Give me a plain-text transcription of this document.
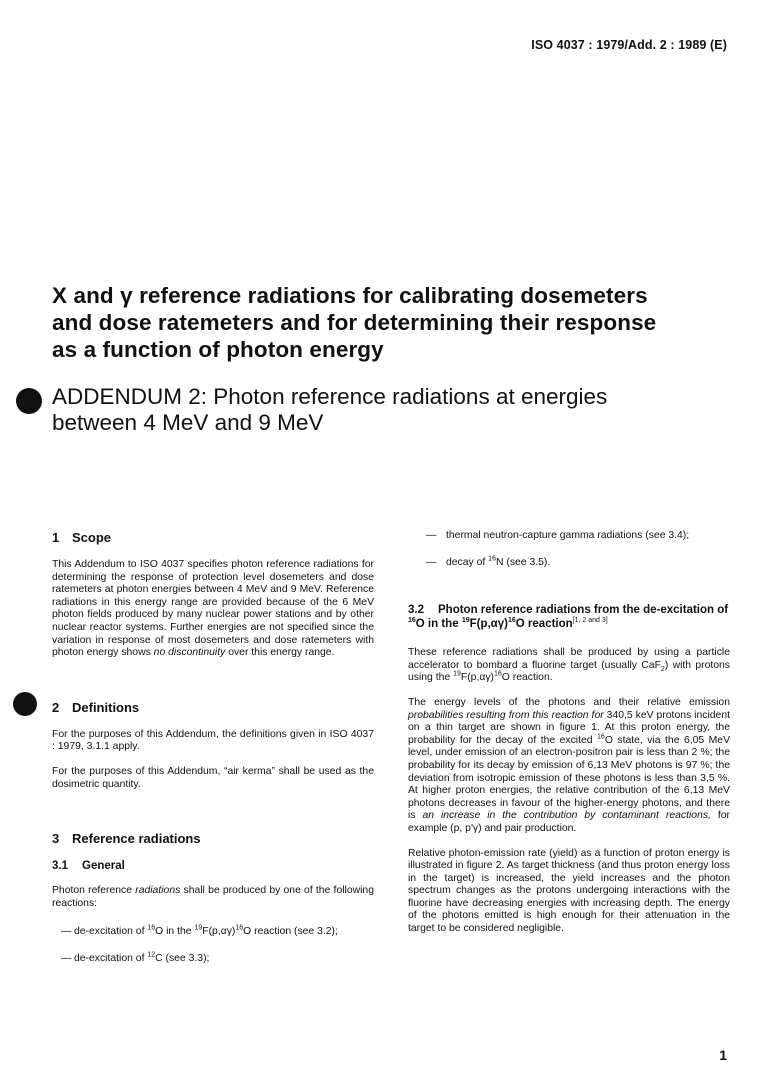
ISO 4037 : 1979/Add. 2 : 1989 (E)
X and γ reference radiations for calibrating dosemeters
and dose ratemeters and for determining their response
as a function of photon energy
ADDENDUM 2: Photon reference radiations at energies
between 4 MeV and 9 MeV
1 Scope

This Addendum to ISO 4037 specifies photon reference radiations for determining the response of protection level dosemeters and dose ratemeters at photon energies between 4 MeV and 9 MeV. Reference radiations in this energy range are provided because of the 6 MeV photon fields produced by many nuclear power stations and by other nuclear reactor systems. Further energies are not specified since the variation in response of most dosemeters and dose ratemeters with photon energy shows no discontinuity over this energy range.

2 Definitions

For the purposes of this Addendum, the definitions given in ISO 4037 : 1979, 3.1.1 apply.

For the purposes of this Addendum, “air kerma” shall be used as the dosimetric quantity.

3 Reference radiations
3.1 General

Photon reference radiations shall be produced by one of the following reactions:

— de-excitation of $^{16}$O in the $^{19}F(p,\alpha\gamma)^{16}O$ reaction (see 3.2);
— de-excitation of $^{12}$C (see 3.3);
— thermal neutron-capture gamma radiations (see 3.4);
— decay of $^{16}$N (see 3.5).
3.2 Photon reference radiations from the de-excitation of $^{16}$O in the $^{19}F(p,\alpha\gamma)^{16}O$ reaction[1, 2 and 3]

These reference radiations shall be produced by using a particle accelerator to bombard a fluorine target (usually CaF$_2$) with protons using the $^{19}F(p,\alpha\gamma)^{16}O$ reaction.

The energy levels of the photons and their relative emission probabilities resulting from this reaction for 340,5 keV protons incident on a thin target are shown in figure 1. At this proton energy, the probability for the decay of the excited $^{16}$O state, via the 6,05 MeV level, under emission of an electron-positron pair is less than 2 %; the probability for its decay by emission of 6,13 MeV photons is 97 %; the deviation from isotropic emission of these photons is less than 3,5 %. At higher proton energies, the relative contribution of the 6,13 MeV photons decreases in favour of the higher-energy photons, and there is an increase in the contribution by contaminant reactions, for example (p, p'γ) and pair production.

Relative photon-emission rate (yield) as a function of proton energy is illustrated in figure 2. As target thickness (and thus proton energy loss in the target) is increased, the yield increases and the photon spectrum changes as the protons undergoing interactions with the fluorine have decreasing energies with increasing depth. The energy of the photons emitted is high enough for their attenuation in the target to be considered negligible.

1
